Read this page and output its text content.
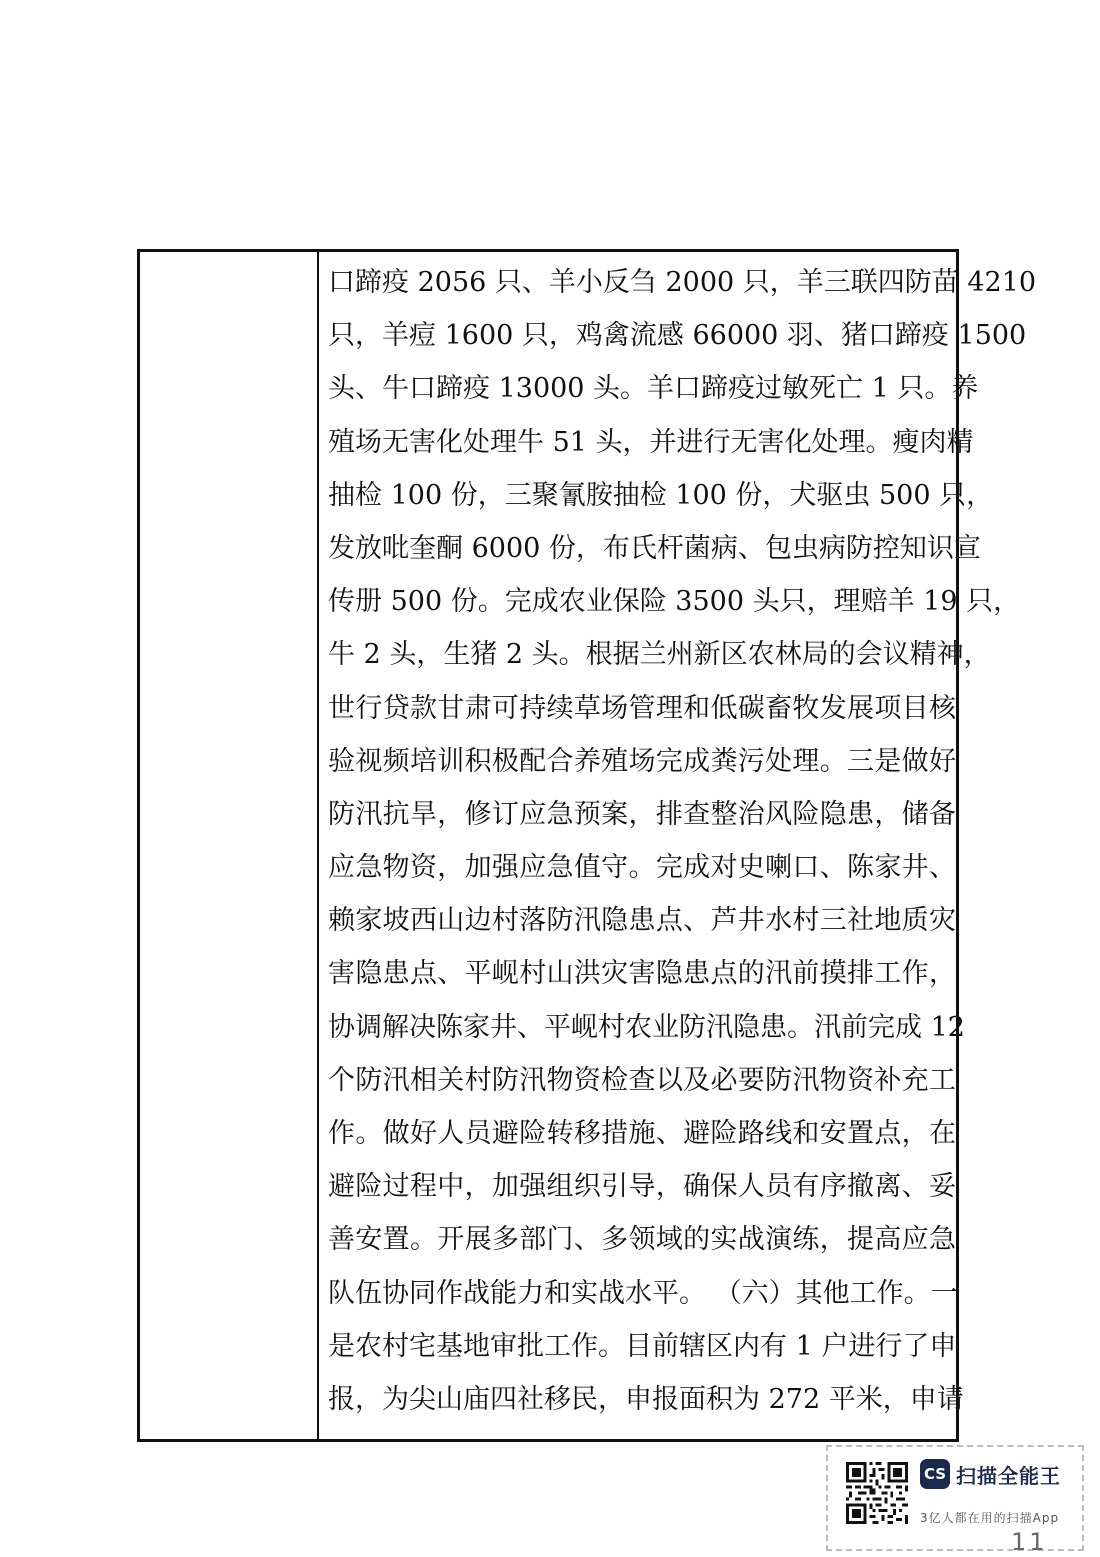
口蹄疫 2056 只、羊小反刍 2000 只，羊三联四防苗 4210
只，羊痘 1600 只，鸡禽流感 66000 羽、猪口蹄疫 1500
头、牛口蹄疫 13000 头。羊口蹄疫过敏死亡 1 只。养
殖场无害化处理牛 51 头，并进行无害化处理。瘦肉精
抽检 100 份，三聚氰胺抽检 100 份，犬驱虫 500 只，
发放吡奎酮 6000 份，布氏杆菌病、包虫病防控知识宣
传册 500 份。完成农业保险 3500 头只，理赔羊 19 只，
牛 2 头，生猪 2 头。根据兰州新区农林局的会议精神，
世行贷款甘肃可持续草场管理和低碳畜牧发展项目核
验视频培训积极配合养殖场完成粪污处理。三是做好
防汛抗旱，修订应急预案，排查整治风险隐患，储备
应急物资，加强应急值守。完成对史喇口、陈家井、
赖家坡西山边村落防汛隐患点、芦井水村三社地质灾
害隐患点、平岘村山洪灾害隐患点的汛前摸排工作，
协调解决陈家井、平岘村农业防汛隐患。汛前完成 12
个防汛相关村防汛物资检查以及必要防汛物资补充工
作。做好人员避险转移措施、避险路线和安置点，在
避险过程中，加强组织引导，确保人员有序撤离、妥
善安置。开展多部门、多领域的实战演练，提高应急
队伍协同作战能力和实战水平。 （六）其他工作。一
是农村宅基地审批工作。目前辖区内有 1 户进行了申
报，为尖山庙四社移民，申报面积为 272 平米，申请
CS 扫描全能王
3亿人都在用的扫描App
11
